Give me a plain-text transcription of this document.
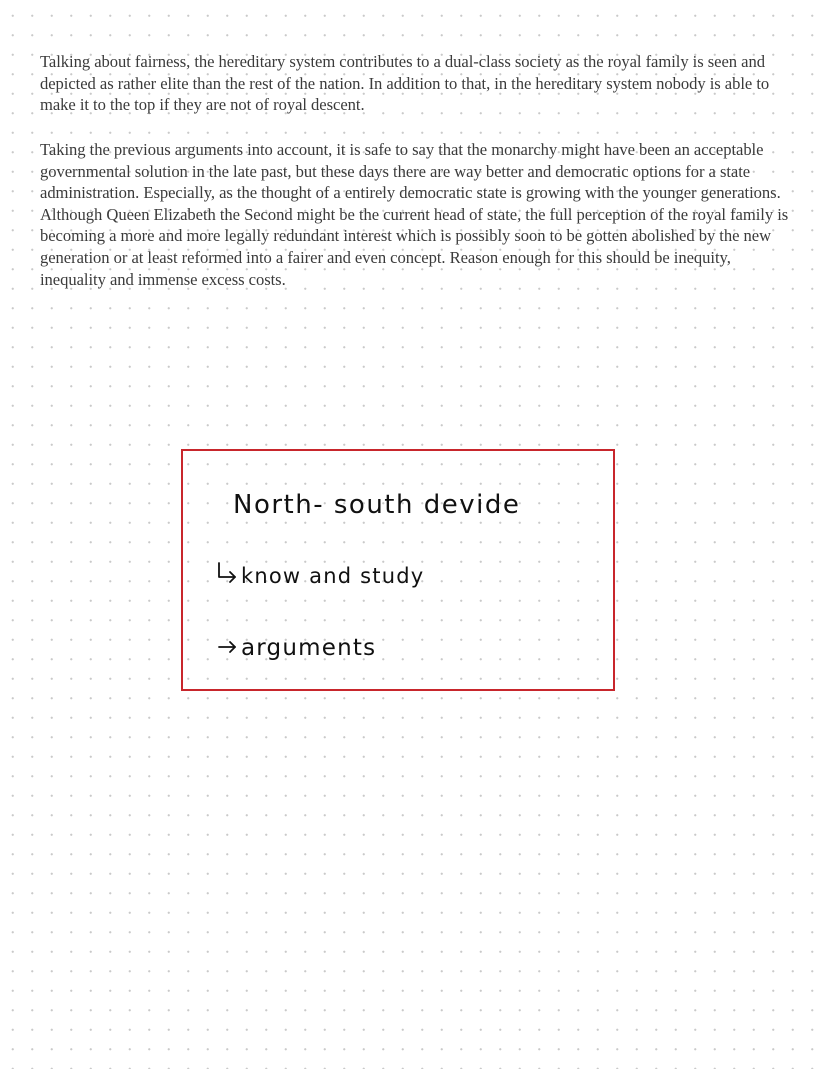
Talking about fairness, the hereditary system contributes to a dual-class society as the royal family is seen and depicted as rather elite than the rest of the nation. In addition to that, in the hereditary system nobody is able to make it to the top if they are not of royal descent.

Taking the previous arguments into account, it is safe to say that the monarchy might have been an acceptable governmental solution in the late past, but these days there are way better and democratic options for a state administration. Especially, as the thought of a entirely democratic state is growing with the younger generations. Although Queen Elizabeth the Second might be the current head of state, the full perception of the royal family is becoming a more and more legally redundant interest which is possibly soon to be gotten abolished by the new generation or at least reformed into a fairer and even concept. Reason enough for this should be inequity, inequality and immense excess costs.

North- south devide
know and study
arguments
